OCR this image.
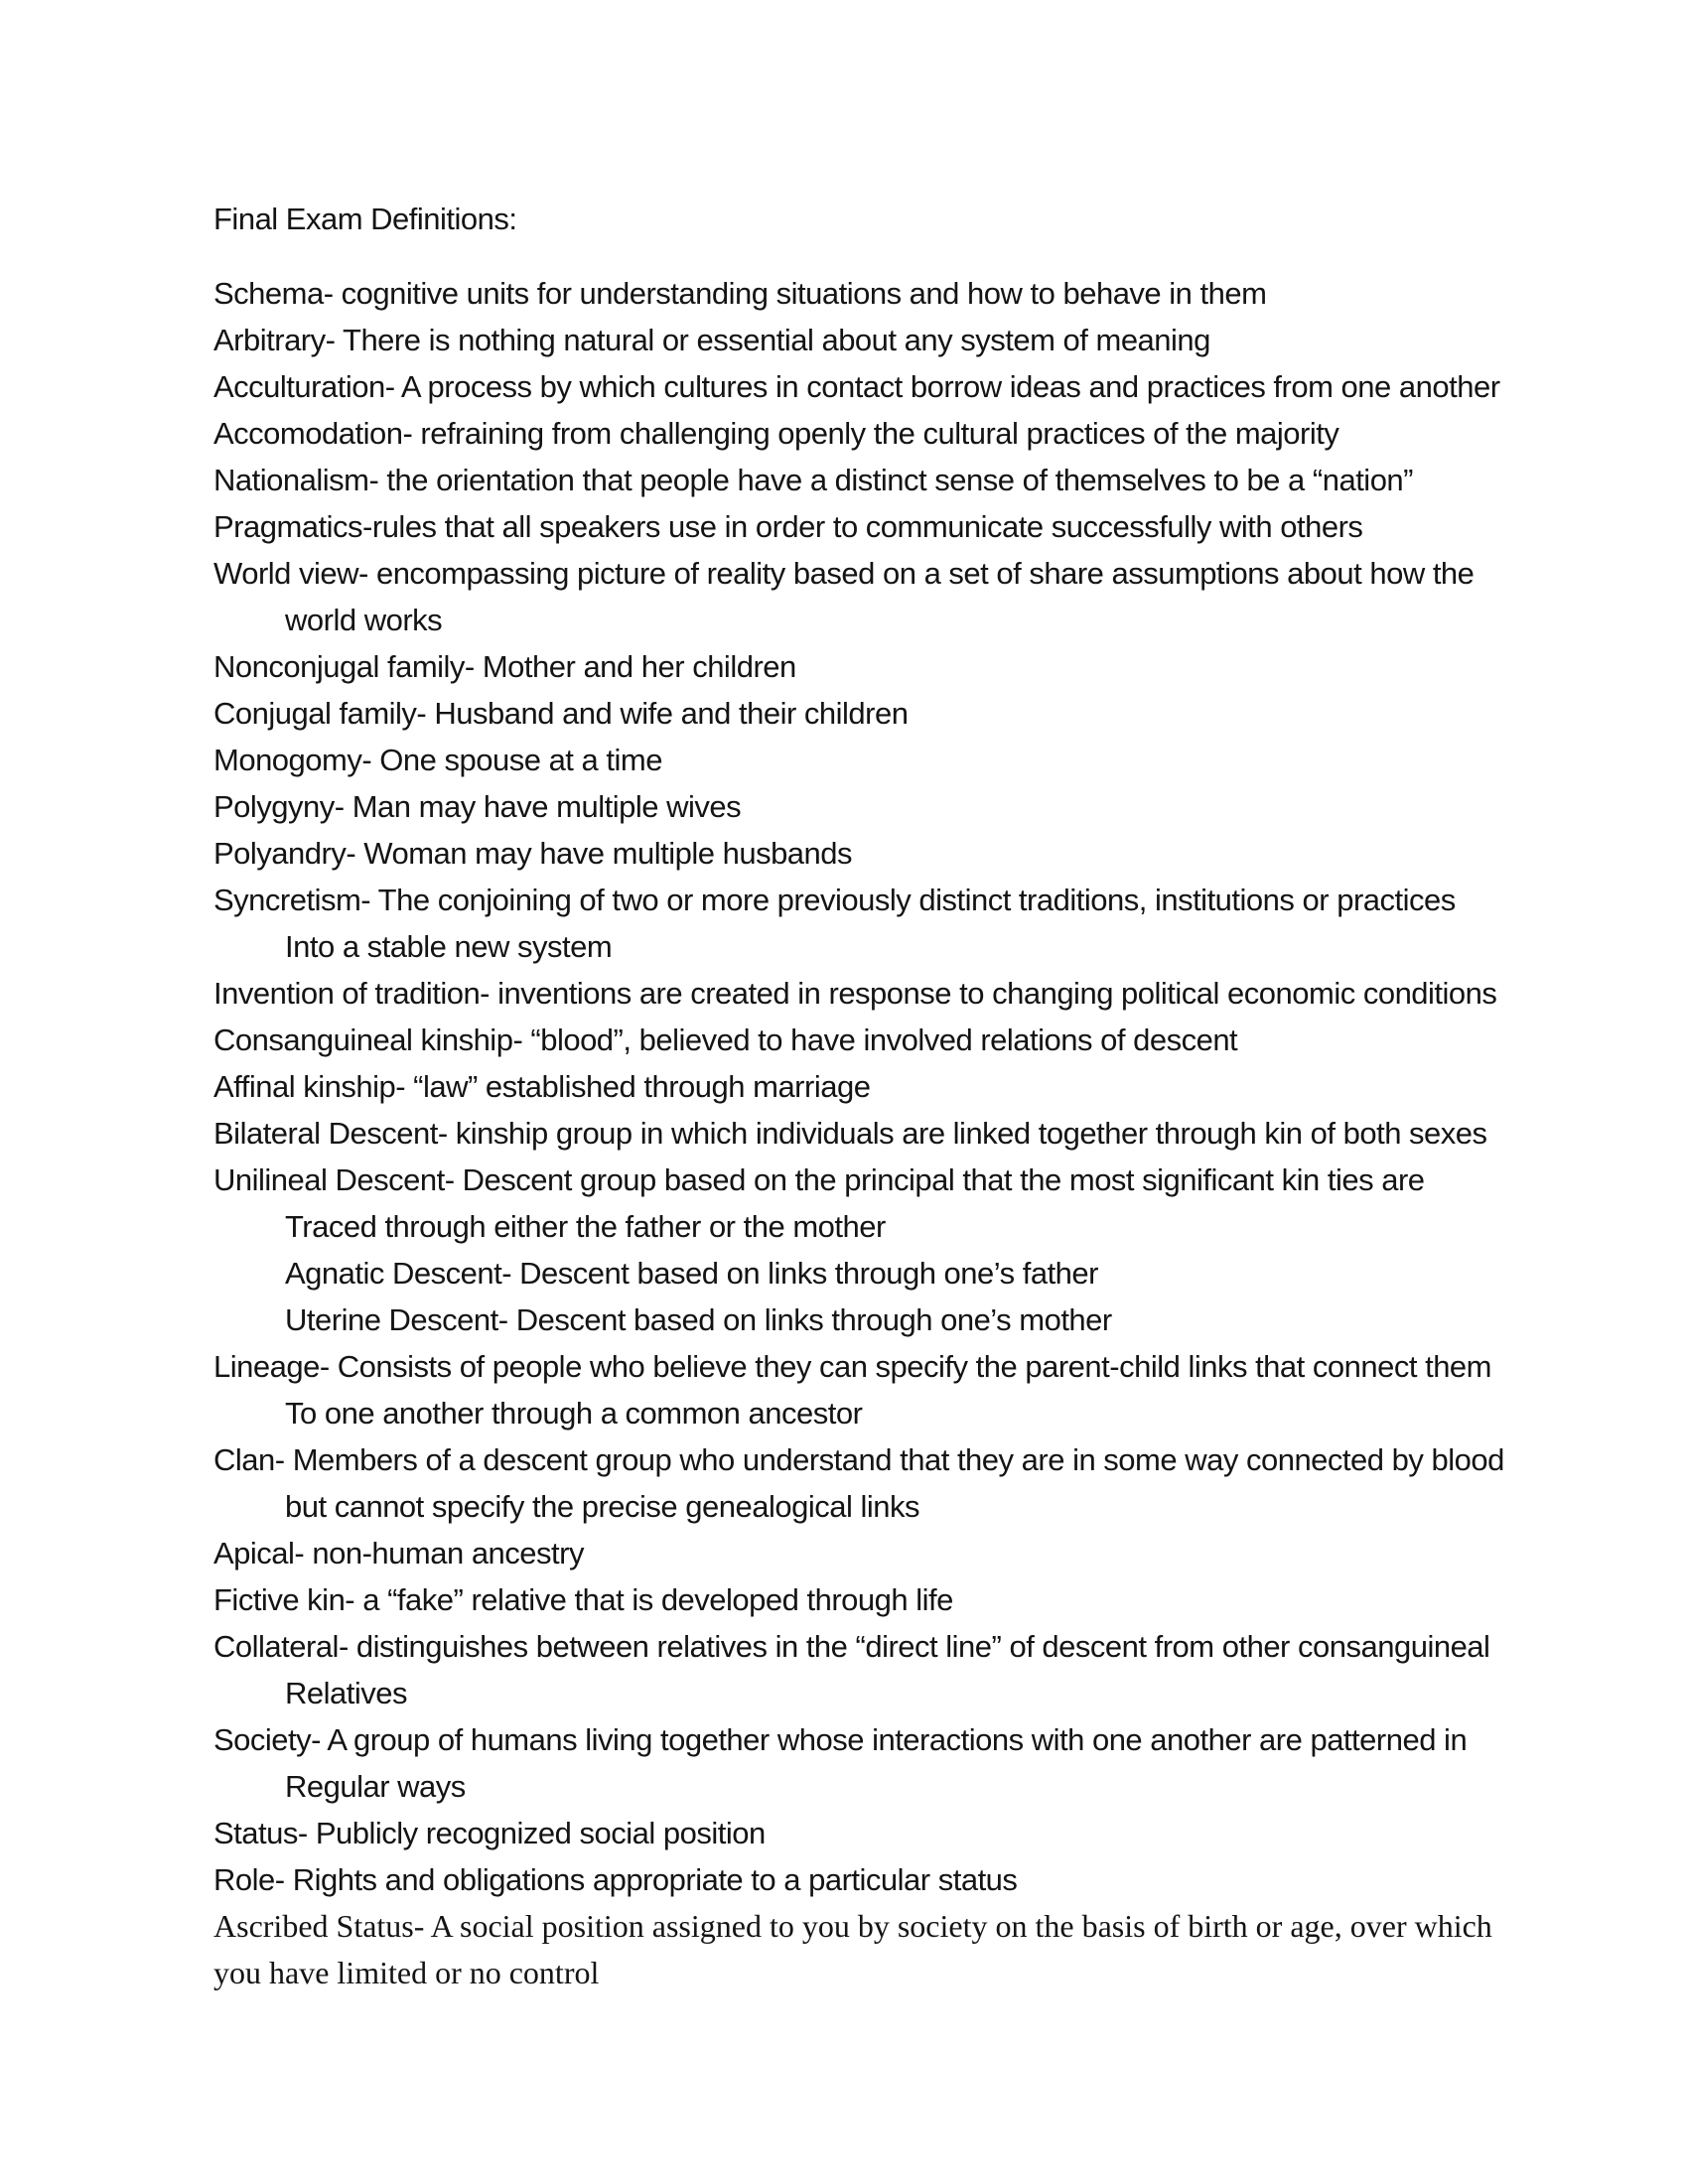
Final Exam Definitions:
Schema- cognitive units for understanding situations and how to behave in them
Arbitrary- There is nothing natural or essential about any system of meaning
Acculturation- A process by which cultures in contact borrow ideas and practices from one another
Accomodation- refraining from challenging openly the cultural practices of the majority
Nationalism- the orientation that people have a distinct sense of themselves to be a “nation”
Pragmatics-rules that all speakers use in order to communicate successfully with others
World view- encompassing picture of reality based on a set of share assumptions about how the
world works
Nonconjugal family- Mother and her children
Conjugal family- Husband and wife and their children
Monogomy- One spouse at a time
Polygyny- Man may have multiple wives
Polyandry- Woman may have multiple husbands
Syncretism- The conjoining of two or more previously distinct traditions, institutions or practices
Into a stable new system
Invention of tradition- inventions are created in response to changing political economic conditions
Consanguineal kinship- “blood”, believed to have involved relations of descent
Affinal kinship- “law” established through marriage
Bilateral Descent- kinship group in which individuals are linked together through kin of both sexes
Unilineal Descent- Descent group based on the principal that the most significant kin ties are
Traced through either the father or the mother
Agnatic Descent- Descent based on links through one’s father
Uterine Descent- Descent based on links through one’s mother
Lineage- Consists of people who believe they can specify the parent-child links that connect them
To one another through a common ancestor
Clan- Members of a descent group who understand that they are in some way connected by blood
but cannot specify the precise genealogical links
Apical- non-human ancestry
Fictive kin- a “fake” relative that is developed through life
Collateral- distinguishes between relatives in the “direct line” of descent from other consanguineal
Relatives
Society- A group of humans living together whose interactions with one another are patterned in
Regular ways
Status- Publicly recognized social position
Role- Rights and obligations appropriate to a particular status
Ascribed Status- A social position assigned to you by society on the basis of birth or age, over which
you have limited or no control
